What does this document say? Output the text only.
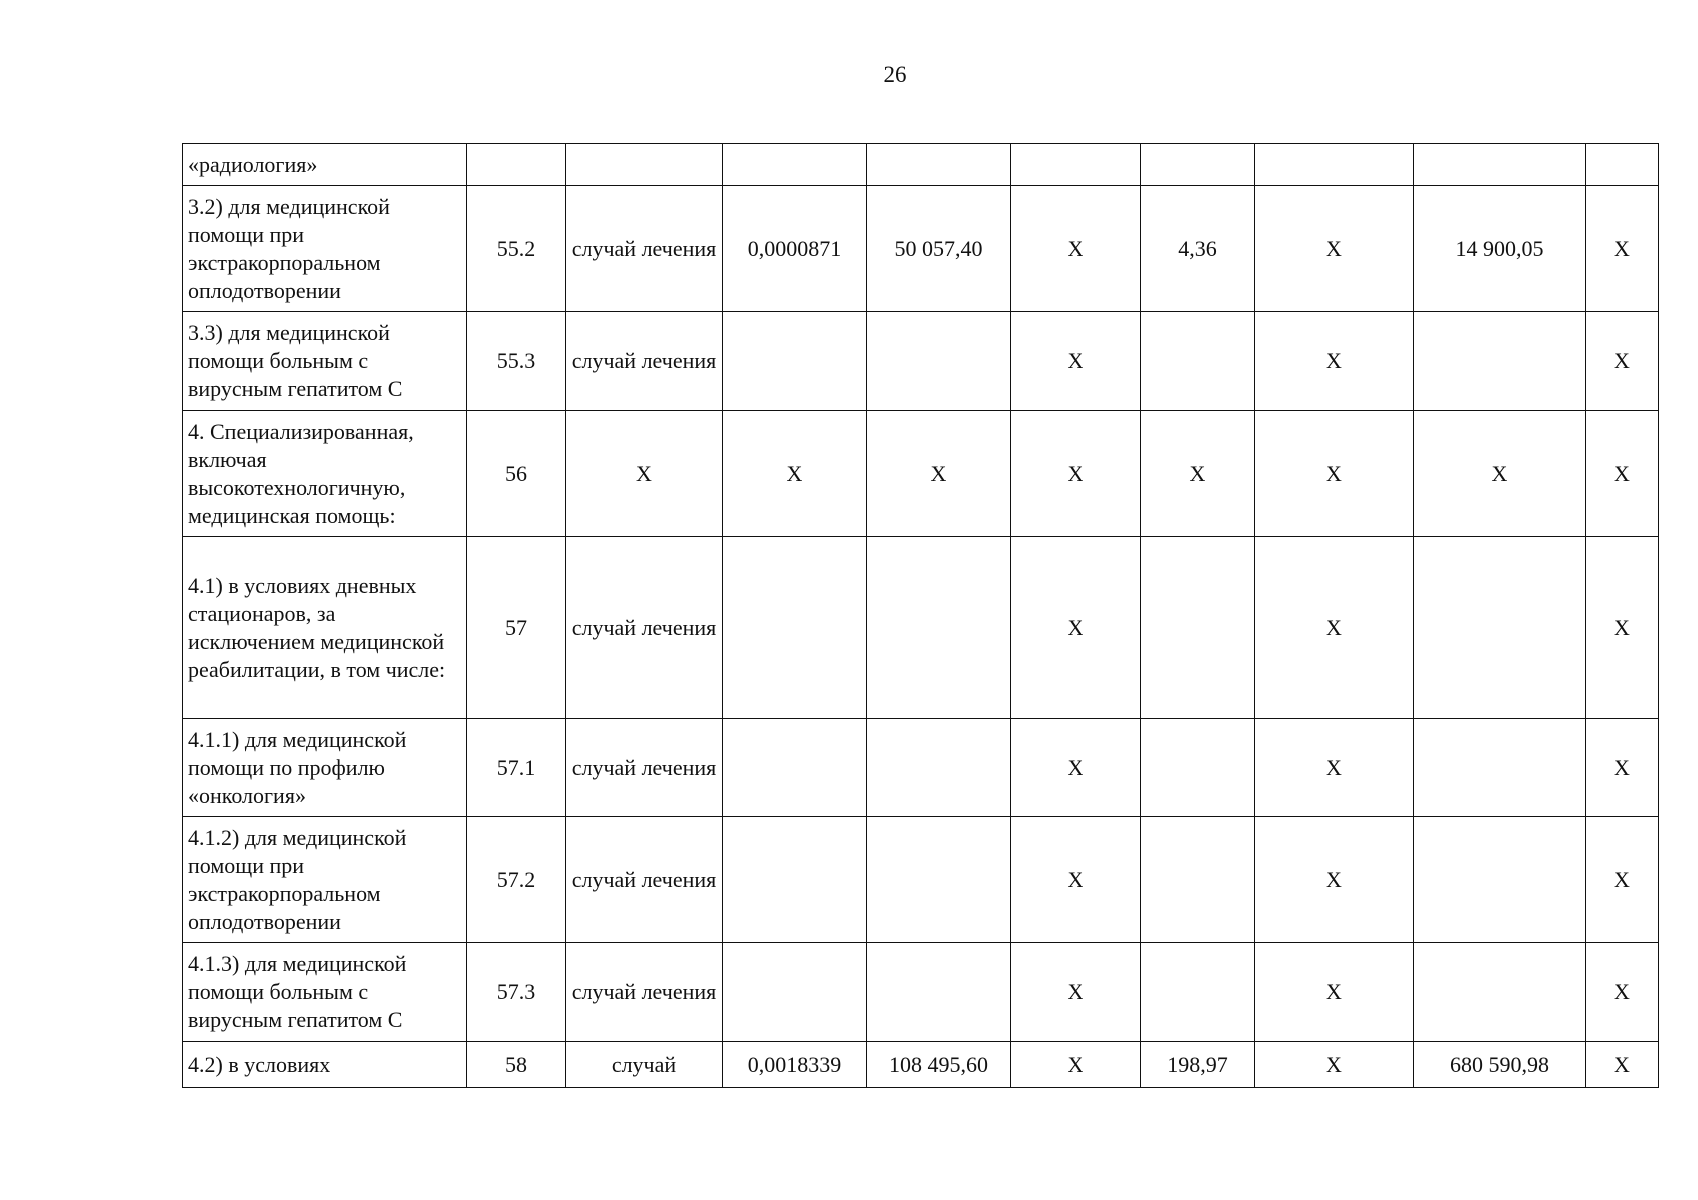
26
«радиология»									
3.2) для медицинской помощи при экстракорпоральном оплодотворении	55.2	случай лечения	0,0000871	50 057,40	Х	4,36	Х	14 900,05	Х
3.3) для медицинской помощи больным с вирусным гепатитом С	55.3	случай лечения			Х		Х		Х
4. Специализированная, включая высокотехнологичную, медицинская помощь:	56	Х	Х	Х	Х	Х	Х	Х	Х
4.1) в условиях дневных стационаров, за исключением медицинской реабилитации, в том числе:	57	случай лечения			Х		Х		Х
4.1.1) для медицинской помощи по профилю «онкология»	57.1	случай лечения			Х		Х		Х
4.1.2) для медицинской помощи при экстракорпоральном оплодотворении	57.2	случай лечения			Х		Х		Х
4.1.3) для медицинской помощи больным с вирусным гепатитом С	57.3	случай лечения			Х		Х		Х
4.2) в условиях	58	случай	0,0018339	108 495,60	Х	198,97	Х	680 590,98	Х
